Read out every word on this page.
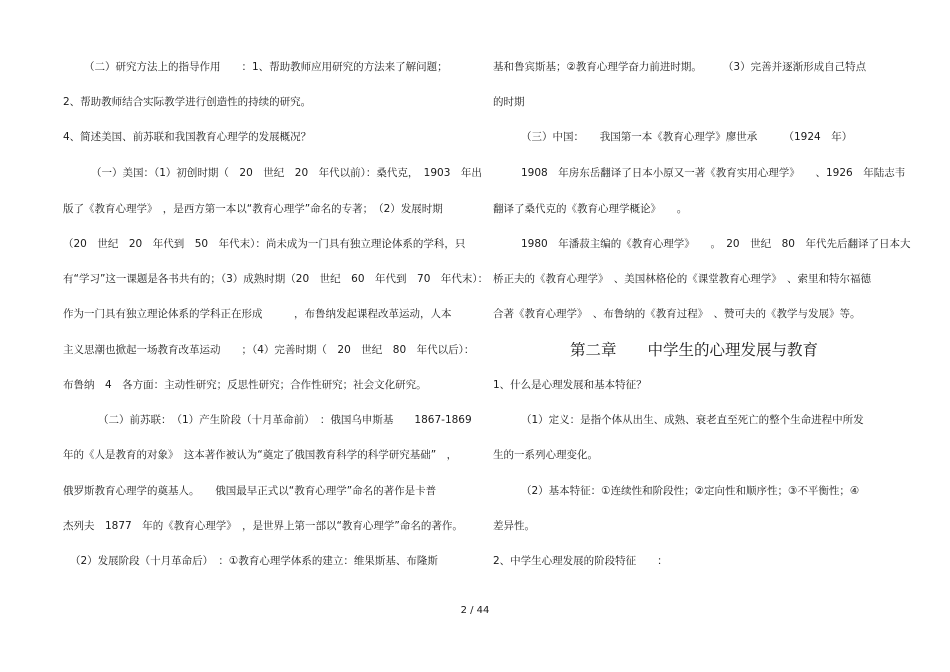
（二）研究方法上的指导作用　　：1、帮助教师应用研究的方法来了解问题；
2、帮助教师结合实际教学进行创造性的持续的研究。
4、简述美国、前苏联和我国教育心理学的发展概况？
（一）美国：（1）初创时期（　20　世纪　20　年代以前）：桑代克，　1903　年出
版了《教育心理学》　，是西方第一本以“教育心理学”命名的专著；　（2）发展时期
（20　世纪　20　年代到　50　年代末）：尚未成为一门具有独立理论体系的学科，只
有“学习”这一课题是各书共有的；（3）成熟时期（20　世纪　60　年代到　70　年代末）：
作为一门具有独立理论体系的学科正在形成　　　，布鲁纳发起课程改革运动，人本
主义思潮也掀起一场教育改革运动　　；（4）完善时期（　20　世纪　80　年代以后）：
布鲁纳　4　各方面：主动性研究；反思性研究；合作性研究；社会文化研究。
（二）前苏联：　（1）产生阶段（十月革命前）　：俄国乌申斯基　　1867-1869
年的《人是教育的对象》　这本著作被认为“奠定了俄国教育科学的科学研究基础”　，
俄罗斯教育心理学的奠基人。　　俄国最早正式以“教育心理学”命名的著作是卡普
杰列夫　1877　年的《教育心理学》　，是世界上第一部以“教育心理学”命名的著作。
（2）发展阶段（十月革命后）　：①教育心理学体系的建立：维果斯基、布隆斯
基和鲁宾斯基；②教育心理学奋力前进时期。　　　（3）完善并逐渐形成自己特点
的时期
（三）中国：　　我国第一本《教育心理学》廖世承　　　（1924　年）
1908　年房东岳翻译了日本小原又一著《教育实用心理学》　　、1926　年陆志韦
翻译了桑代克的《教育心理学概论》　　。
1980　年潘菽主编的《教育心理学》　　。　20　世纪　80　年代先后翻译了日本大
桥正夫的《教育心理学》　、美国林格伦的《课堂教育心理学》　、索里和特尔福德
合著《教育心理学》　、布鲁纳的《教育过程》　、赞可夫的《教学与发展》等。
第二章　　中学生的心理发展与教育
1、什么是心理发展和基本特征？
（1）定义：是指个体从出生、成熟、衰老直至死亡的整个生命进程中所发
生的一系列心理变化。
（2）基本特征：①连续性和阶段性；②定向性和顺序性；③不平衡性；④
差异性。
2、中学生心理发展的阶段特征　　：
2 / 44
